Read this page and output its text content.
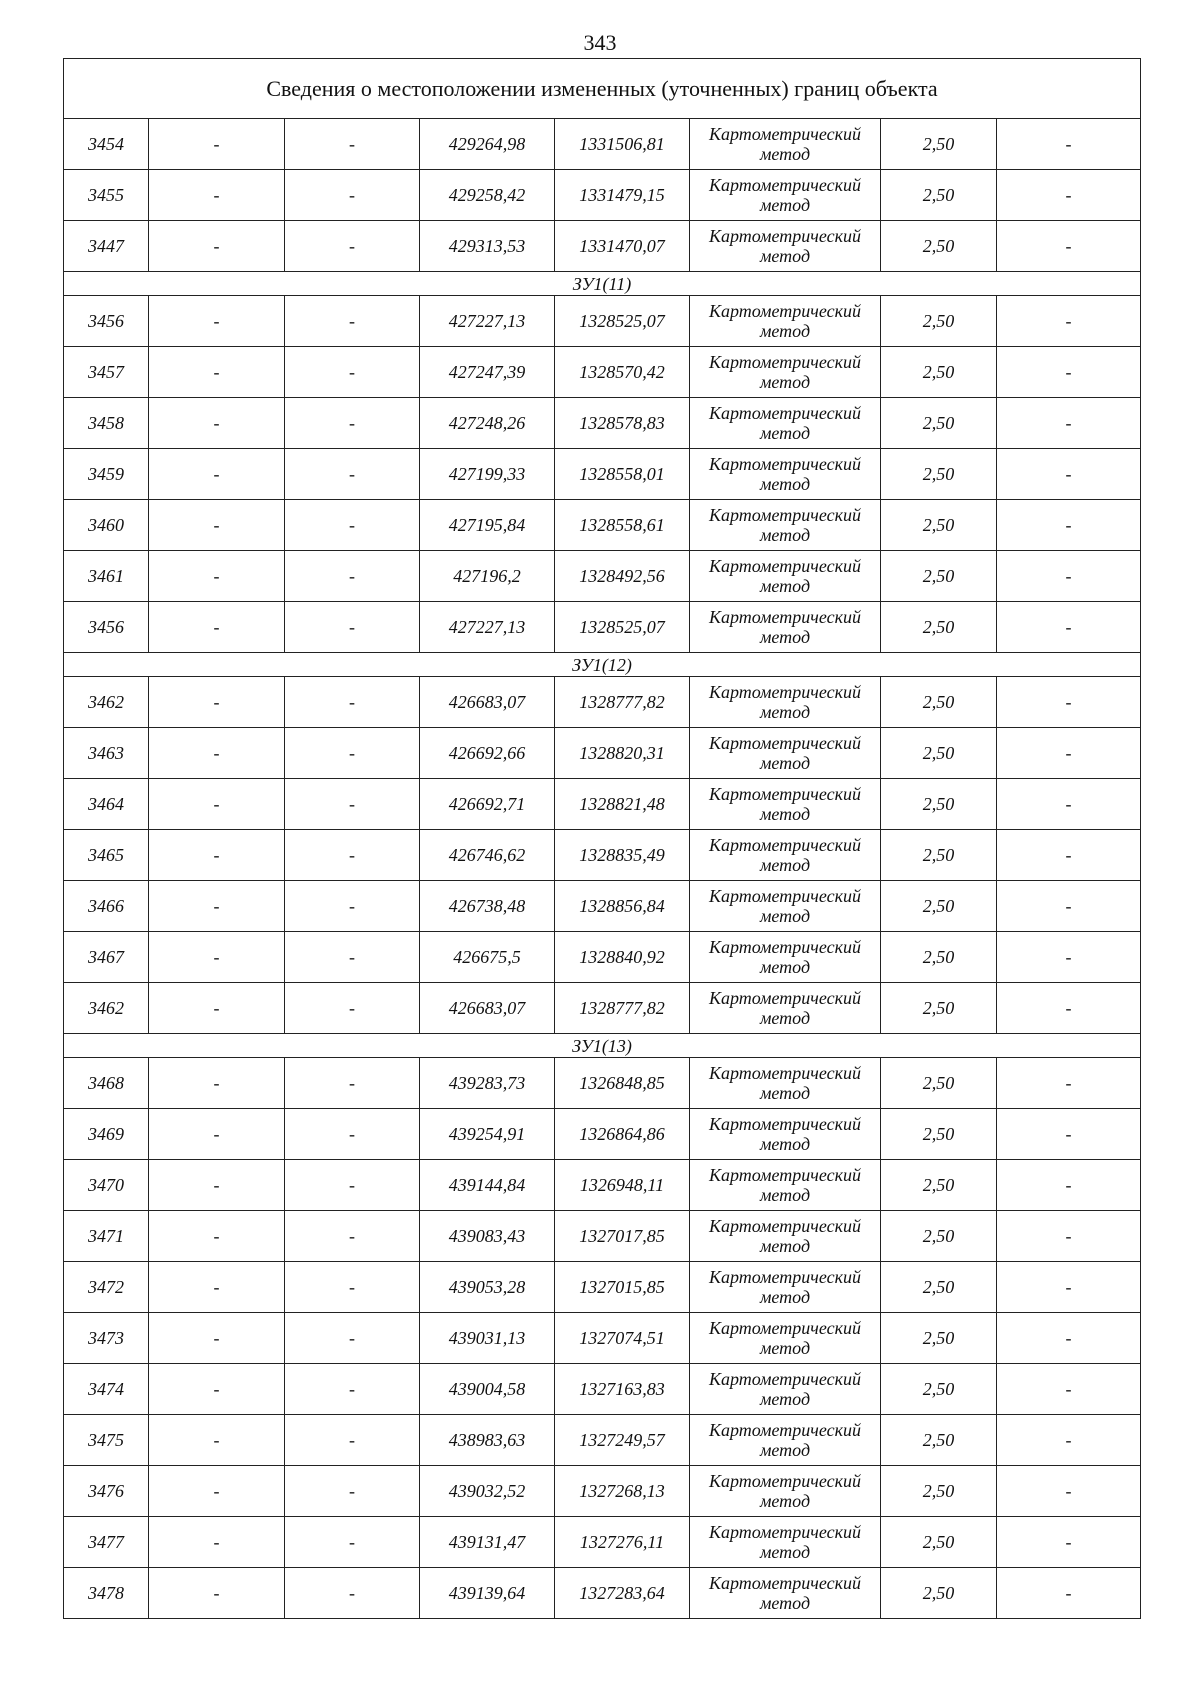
343
Сведения о местоположении измененных (уточненных) границ объекта							
3454	-	-	429264,98	1331506,81	Картометрический
метод	2,50	-
3455	-	-	429258,42	1331479,15	Картометрический
метод	2,50	-
3447	-	-	429313,53	1331470,07	Картометрический
метод	2,50	-
ЗУ1(11)							
3456	-	-	427227,13	1328525,07	Картометрический
метод	2,50	-
3457	-	-	427247,39	1328570,42	Картометрический
метод	2,50	-
3458	-	-	427248,26	1328578,83	Картометрический
метод	2,50	-
3459	-	-	427199,33	1328558,01	Картометрический
метод	2,50	-
3460	-	-	427195,84	1328558,61	Картометрический
метод	2,50	-
3461	-	-	427196,2	1328492,56	Картометрический
метод	2,50	-
3456	-	-	427227,13	1328525,07	Картометрический
метод	2,50	-
ЗУ1(12)							
3462	-	-	426683,07	1328777,82	Картометрический
метод	2,50	-
3463	-	-	426692,66	1328820,31	Картометрический
метод	2,50	-
3464	-	-	426692,71	1328821,48	Картометрический
метод	2,50	-
3465	-	-	426746,62	1328835,49	Картометрический
метод	2,50	-
3466	-	-	426738,48	1328856,84	Картометрический
метод	2,50	-
3467	-	-	426675,5	1328840,92	Картометрический
метод	2,50	-
3462	-	-	426683,07	1328777,82	Картометрический
метод	2,50	-
ЗУ1(13)							
3468	-	-	439283,73	1326848,85	Картометрический
метод	2,50	-
3469	-	-	439254,91	1326864,86	Картометрический
метод	2,50	-
3470	-	-	439144,84	1326948,11	Картометрический
метод	2,50	-
3471	-	-	439083,43	1327017,85	Картометрический
метод	2,50	-
3472	-	-	439053,28	1327015,85	Картометрический
метод	2,50	-
3473	-	-	439031,13	1327074,51	Картометрический
метод	2,50	-
3474	-	-	439004,58	1327163,83	Картометрический
метод	2,50	-
3475	-	-	438983,63	1327249,57	Картометрический
метод	2,50	-
3476	-	-	439032,52	1327268,13	Картометрический
метод	2,50	-
3477	-	-	439131,47	1327276,11	Картометрический
метод	2,50	-
3478	-	-	439139,64	1327283,64	Картометрический
метод	2,50	-
